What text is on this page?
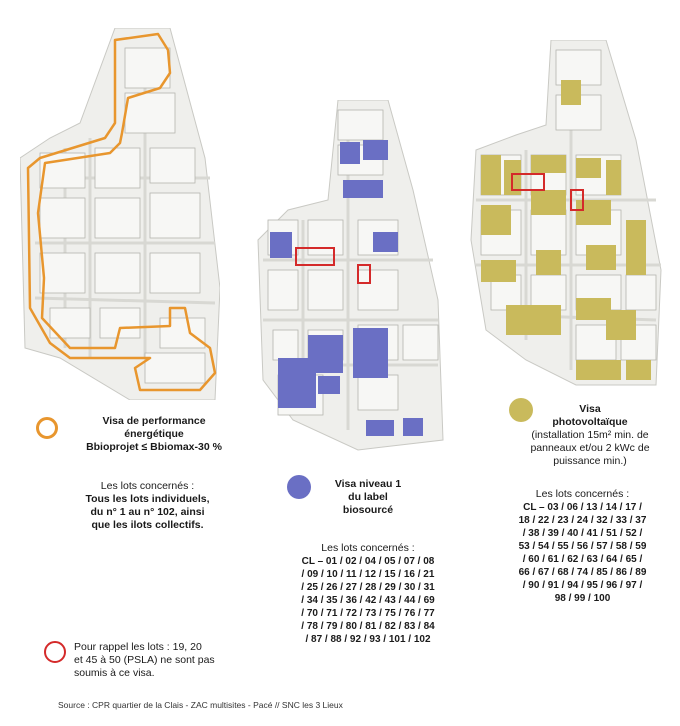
Visa de performance
énergétique
Bbioprojet ≤ Bbiomax-30 %
Les lots concernés :
Tous les lots individuels,
du n° 1 au n° 102, ainsi
que les ilots collectifs.
Visa niveau 1
du label
biosourcé
Les lots concernés :
CL – 01 / 02 / 04 / 05 / 07 / 08
/ 09 / 10 / 11 / 12 / 15 / 16 / 21
/ 25 / 26 / 27 / 28 / 29 / 30 / 31
/ 34 / 35 / 36 / 42 / 43 / 44 / 69
/ 70 / 71 / 72 / 73 / 75 / 76 / 77
/ 78 / 79 / 80 / 81 / 82 / 83 / 84
/ 87 / 88 / 92 / 93 / 101 / 102
Visa
photovoltaïque
(installation 15m² min. de
panneaux et/ou 2 kWc de
puissance min.)
Les lots concernés :
CL – 03 / 06 / 13 / 14 / 17 /
18 / 22 / 23 / 24 / 32 / 33 / 37
/ 38 / 39 / 40 / 41 / 51 / 52 /
53 / 54 / 55 / 56 / 57 / 58 / 59
/ 60 / 61 / 62 / 63 / 64 / 65 /
66 / 67 / 68 / 74 / 85 / 86 / 89
/ 90 / 91 / 94 / 95 / 96 / 97 /
98 / 99 / 100
Pour rappel les lots : 19, 20
et 45 à 50 (PSLA) ne sont pas
soumis à ce visa.
Source : CPR quartier de la Clais - ZAC multisites - Pacé // SNC les 3 Lieux
